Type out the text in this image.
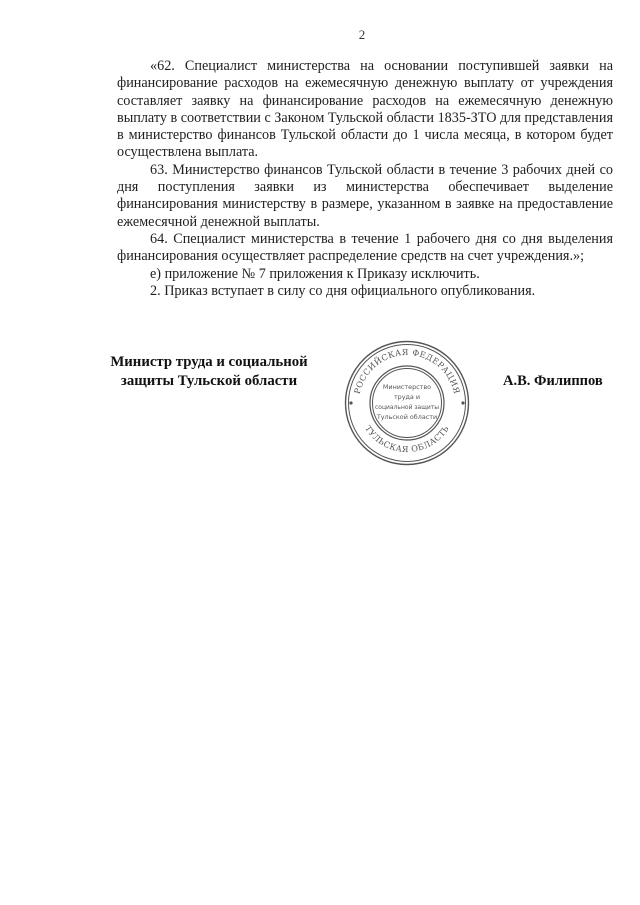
2

«62. Специалист министерства на основании поступившей заявки на финансирование расходов на ежемесячную денежную выплату от учреждения составляет заявку на финансирование расходов на ежемесячную денежную выплату в соответствии с Законом Тульской области 1835-ЗТО для представления в министерство финансов Тульской области до 1 числа месяца, в котором будет осуществлена выплата.

63. Министерство финансов Тульской области в течение 3 рабочих дней со дня поступления заявки из министерства обеспечивает выделение финансирования министерству в размере, указанном в заявке на предоставление ежемесячной денежной выплаты.

64. Специалист министерства в течение 1 рабочего дня со дня выделения финансирования осуществляет распределение средств на счет учреждения.»;

е) приложение № 7 приложения к Приказу исключить.

2. Приказ вступает в силу со дня официального опубликования.

Министр труда и социальной
защиты Тульской области	А.В. Филиппов
РОССИЙСКАЯ ФЕДЕРАЦИЯ
ТУЛЬСКАЯ ОБЛАСТЬ
Министерство
труда и
социальной защиты
Тульской области
